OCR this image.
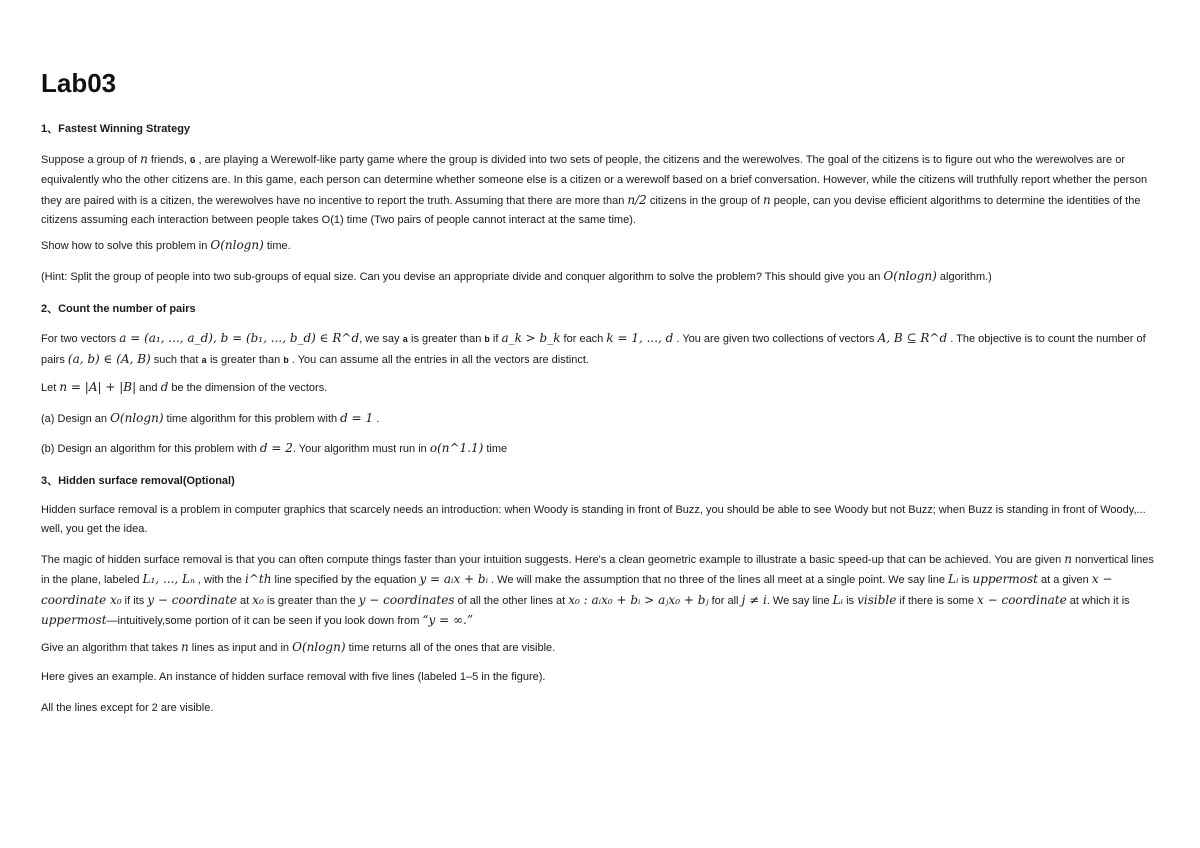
Lab03

1、Fastest Winning Strategy

Suppose a group of n friends, G , are playing a Werewolf-like party game where the group is divided into two sets of people, the citizens and the werewolves. The goal of the citizens is to figure out who the werewolves are or equivalently who the other citizens are. In this game, each person can determine whether someone else is a citizen or a werewolf based on a brief conversation. However, while the citizens will truthfully report whether the person they are paired with is a citizen, the werewolves have no incentive to report the truth. Assuming that there are more than n/2 citizens in the group of n people, can you devise efficient algorithms to determine the identities of the citizens assuming each interaction between people takes O(1) time (Two pairs of people cannot interact at the same time).

Show how to solve this problem in O(nlogn) time.

(Hint: Split the group of people into two sub-groups of equal size. Can you devise an appropriate divide and conquer algorithm to solve the problem? This should give you an O(nlogn) algorithm.)

2、Count the number of pairs

For two vectors a = (a₁, ..., a_d), b = (b₁, ..., b_d) ∈ R^d, we say a is greater than b if a_k > b_k for each k = 1, ..., d . You are given two collections of vectors A, B ⊆ R^d . The objective is to count the number of pairs (a, b) ∈ (A, B) such that a is greater than b . You can assume all the entries in all the vectors are distinct.

Let n = |A| + |B| and d be the dimension of the vectors.

(a) Design an O(nlogn) time algorithm for this problem with d = 1 .

(b) Design an algorithm for this problem with d = 2. Your algorithm must run in o(n^1.1) time

3、Hidden surface removal(Optional)

Hidden surface removal is a problem in computer graphics that scarcely needs an introduction: when Woody is standing in front of Buzz, you should be able to see Woody but not Buzz; when Buzz is standing in front of Woody,... well, you get the idea.

The magic of hidden surface removal is that you can often compute things faster than your intuition suggests. Here's a clean geometric example to illustrate a basic speed-up that can be achieved. You are given n nonvertical lines in the plane, labeled L₁, ..., Lₙ , with the i^th line specified by the equation y = aᵢx + bᵢ . We will make the assumption that no three of the lines all meet at a single point. We say line Lᵢ is uppermost at a given x − coordinate x₀ if its y − coordinate at x₀ is greater than the y − coordinates of all the other lines at x₀ : aᵢx₀ + bᵢ > aⱼx₀ + bⱼ for all j ≠ i. We say line Lᵢ is visible if there is some x − coordinate at which it is uppermost—intuitively,some portion of it can be seen if you look down from “y = ∞.”

Give an algorithm that takes n lines as input and in O(nlogn) time returns all of the ones that are visible.

Here gives an example. An instance of hidden surface removal with five lines (labeled 1–5 in the figure).

All the lines except for 2 are visible.
